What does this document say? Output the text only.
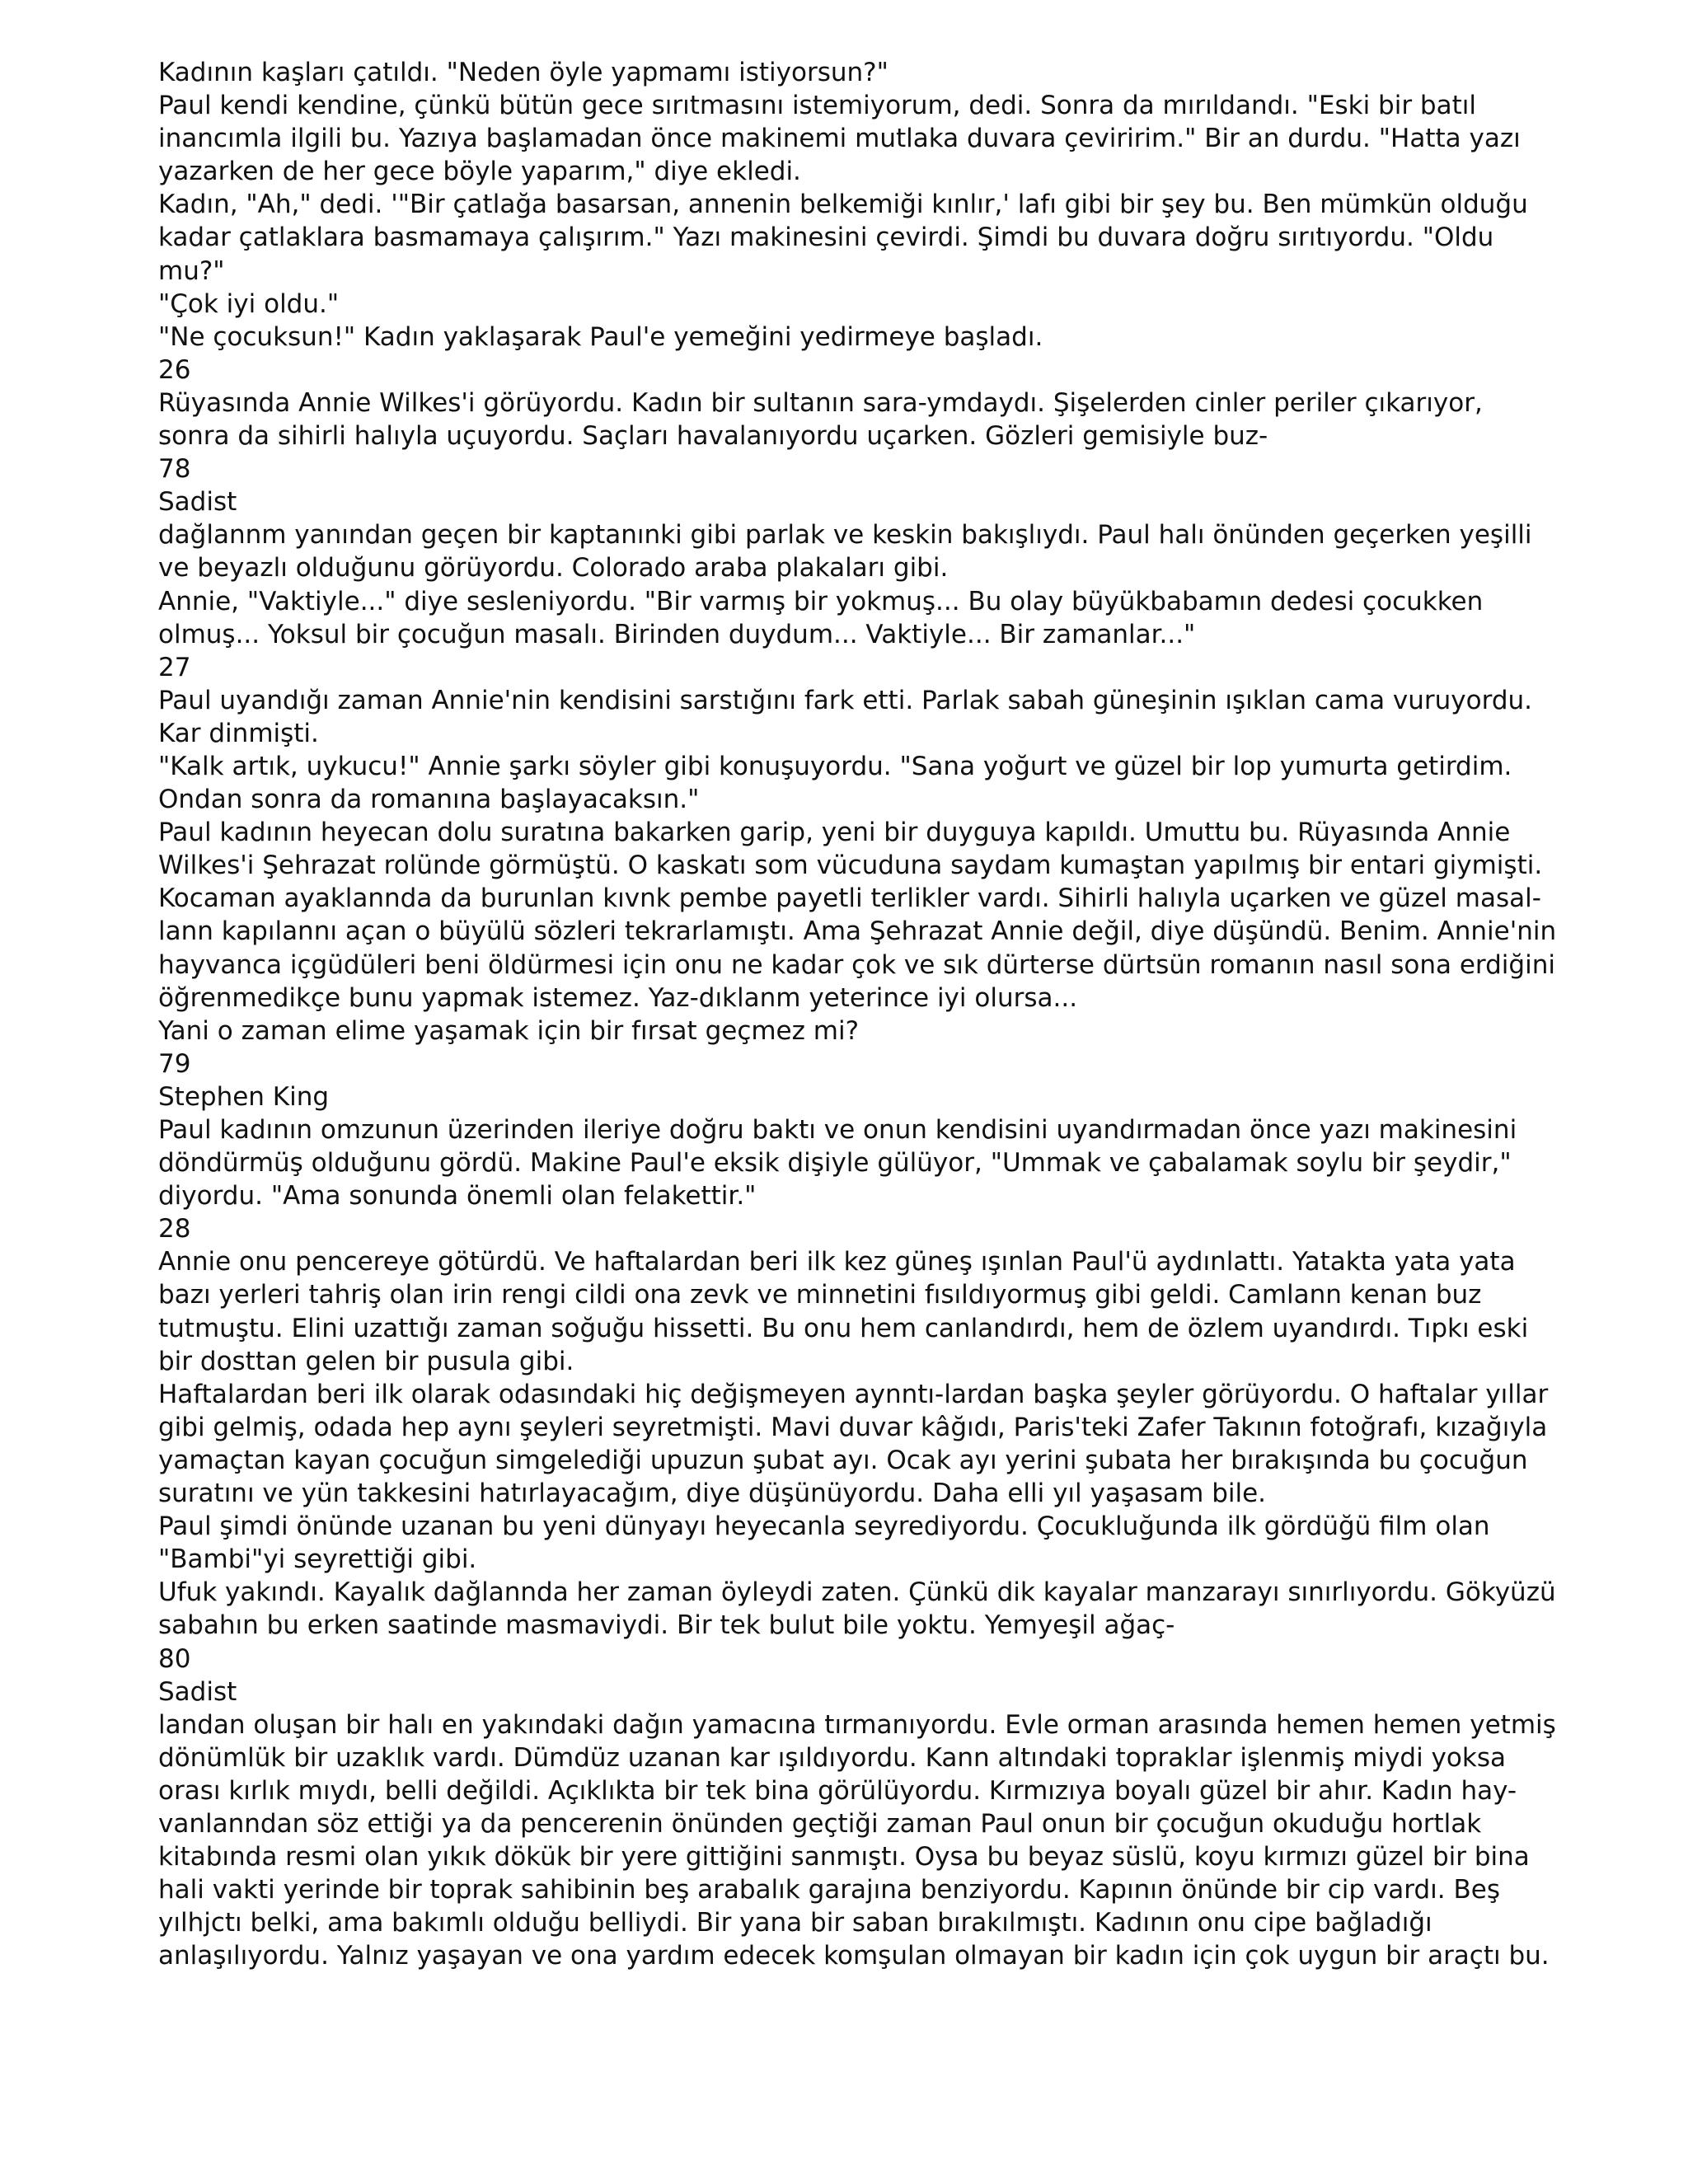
Kadının kaşları çatıldı. "Neden öyle yapmamı istiyorsun?"
Paul kendi kendine, çünkü bütün gece sırıtmasını istemiyorum, dedi. Sonra da mırıldandı. "Eski bir batıl
inancımla ilgili bu. Yazıya başlamadan önce makinemi mutlaka duvara çeviririm." Bir an durdu. "Hatta yazı
yazarken de her gece böyle yaparım," diye ekledi.
Kadın, "Ah," dedi. '"Bir çatlağa basarsan, annenin belkemiği kınlır,' lafı gibi bir şey bu. Ben mümkün olduğu
kadar çatlaklara basmamaya çalışırım." Yazı makinesini çevirdi. Şimdi bu duvara doğru sırıtıyordu. "Oldu
mu?"
"Çok iyi oldu."
"Ne çocuksun!" Kadın yaklaşarak Paul'e yemeğini yedirmeye başladı.
26
Rüyasında Annie Wilkes'i görüyordu. Kadın bir sultanın sara-ymdaydı. Şişelerden cinler periler çıkarıyor,
sonra da sihirli halıyla uçuyordu. Saçları havalanıyordu uçarken. Gözleri gemisiyle buz-
78
Sadist
dağlannm yanından geçen bir kaptanınki gibi parlak ve keskin bakışlıydı. Paul halı önünden geçerken yeşilli
ve beyazlı olduğunu görüyordu. Colorado araba plakaları gibi.
Annie, "Vaktiyle..." diye sesleniyordu. "Bir varmış bir yokmuş... Bu olay büyükbabamın dedesi çocukken
olmuş... Yoksul bir çocuğun masalı. Birinden duydum... Vaktiyle... Bir zamanlar..."
27
Paul uyandığı zaman Annie'nin kendisini sarstığını fark etti. Parlak sabah güneşinin ışıklan cama vuruyordu.
Kar dinmişti.
"Kalk artık, uykucu!" Annie şarkı söyler gibi konuşuyordu. "Sana yoğurt ve güzel bir lop yumurta getirdim.
Ondan sonra da romanına başlayacaksın."
Paul kadının heyecan dolu suratına bakarken garip, yeni bir duyguya kapıldı. Umuttu bu. Rüyasında Annie
Wilkes'i Şehrazat rolünde görmüştü. O kaskatı som vücuduna saydam kumaştan yapılmış bir entari giymişti.
Kocaman ayaklannda da burunlan kıvnk pembe payetli terlikler vardı. Sihirli halıyla uçarken ve güzel masal-
lann kapılannı açan o büyülü sözleri tekrarlamıştı. Ama Şehrazat Annie değil, diye düşündü. Benim. Annie'nin
hayvanca içgüdüleri beni öldürmesi için onu ne kadar çok ve sık dürterse dürtsün romanın nasıl sona erdiğini
öğrenmedikçe bunu yapmak istemez. Yaz-dıklanm yeterince iyi olursa...
Yani o zaman elime yaşamak için bir fırsat geçmez mi?
79
Stephen King
Paul kadının omzunun üzerinden ileriye doğru baktı ve onun kendisini uyandırmadan önce yazı makinesini
döndürmüş olduğunu gördü. Makine Paul'e eksik dişiyle gülüyor, "Ummak ve çabalamak soylu bir şeydir,"
diyordu. "Ama sonunda önemli olan felakettir."
28
Annie onu pencereye götürdü. Ve haftalardan beri ilk kez güneş ışınlan Paul'ü aydınlattı. Yatakta yata yata
bazı yerleri tahriş olan irin rengi cildi ona zevk ve minnetini fısıldıyormuş gibi geldi. Camlann kenan buz
tutmuştu. Elini uzattığı zaman soğuğu hissetti. Bu onu hem canlandırdı, hem de özlem uyandırdı. Tıpkı eski
bir dosttan gelen bir pusula gibi.
Haftalardan beri ilk olarak odasındaki hiç değişmeyen aynntı-lardan başka şeyler görüyordu. O haftalar yıllar
gibi gelmiş, odada hep aynı şeyleri seyretmişti. Mavi duvar kâğıdı, Paris'teki Zafer Takının fotoğrafı, kızağıyla
yamaçtan kayan çocuğun simgelediği upuzun şubat ayı. Ocak ayı yerini şubata her bırakışında bu çocuğun
suratını ve yün takkesini hatırlayacağım, diye düşünüyordu. Daha elli yıl yaşasam bile.
Paul şimdi önünde uzanan bu yeni dünyayı heyecanla seyrediyordu. Çocukluğunda ilk gördüğü film olan
"Bambi"yi seyrettiği gibi.
Ufuk yakındı. Kayalık dağlannda her zaman öyleydi zaten. Çünkü dik kayalar manzarayı sınırlıyordu. Gökyüzü
sabahın bu erken saatinde masmaviydi. Bir tek bulut bile yoktu. Yemyeşil ağaç-
80
Sadist
landan oluşan bir halı en yakındaki dağın yamacına tırmanıyordu. Evle orman arasında hemen hemen yetmiş
dönümlük bir uzaklık vardı. Dümdüz uzanan kar ışıldıyordu. Kann altındaki topraklar işlenmiş miydi yoksa
orası kırlık mıydı, belli değildi. Açıklıkta bir tek bina görülüyordu. Kırmızıya boyalı güzel bir ahır. Kadın hay-
vanlanndan söz ettiği ya da pencerenin önünden geçtiği zaman Paul onun bir çocuğun okuduğu hortlak
kitabında resmi olan yıkık dökük bir yere gittiğini sanmıştı. Oysa bu beyaz süslü, koyu kırmızı güzel bir bina
hali vakti yerinde bir toprak sahibinin beş arabalık garajına benziyordu. Kapının önünde bir cip vardı. Beş
yılhjctı belki, ama bakımlı olduğu belliydi. Bir yana bir saban bırakılmıştı. Kadının onu cipe bağladığı
anlaşılıyordu. Yalnız yaşayan ve ona yardım edecek komşulan olmayan bir kadın için çok uygun bir araçtı bu.
